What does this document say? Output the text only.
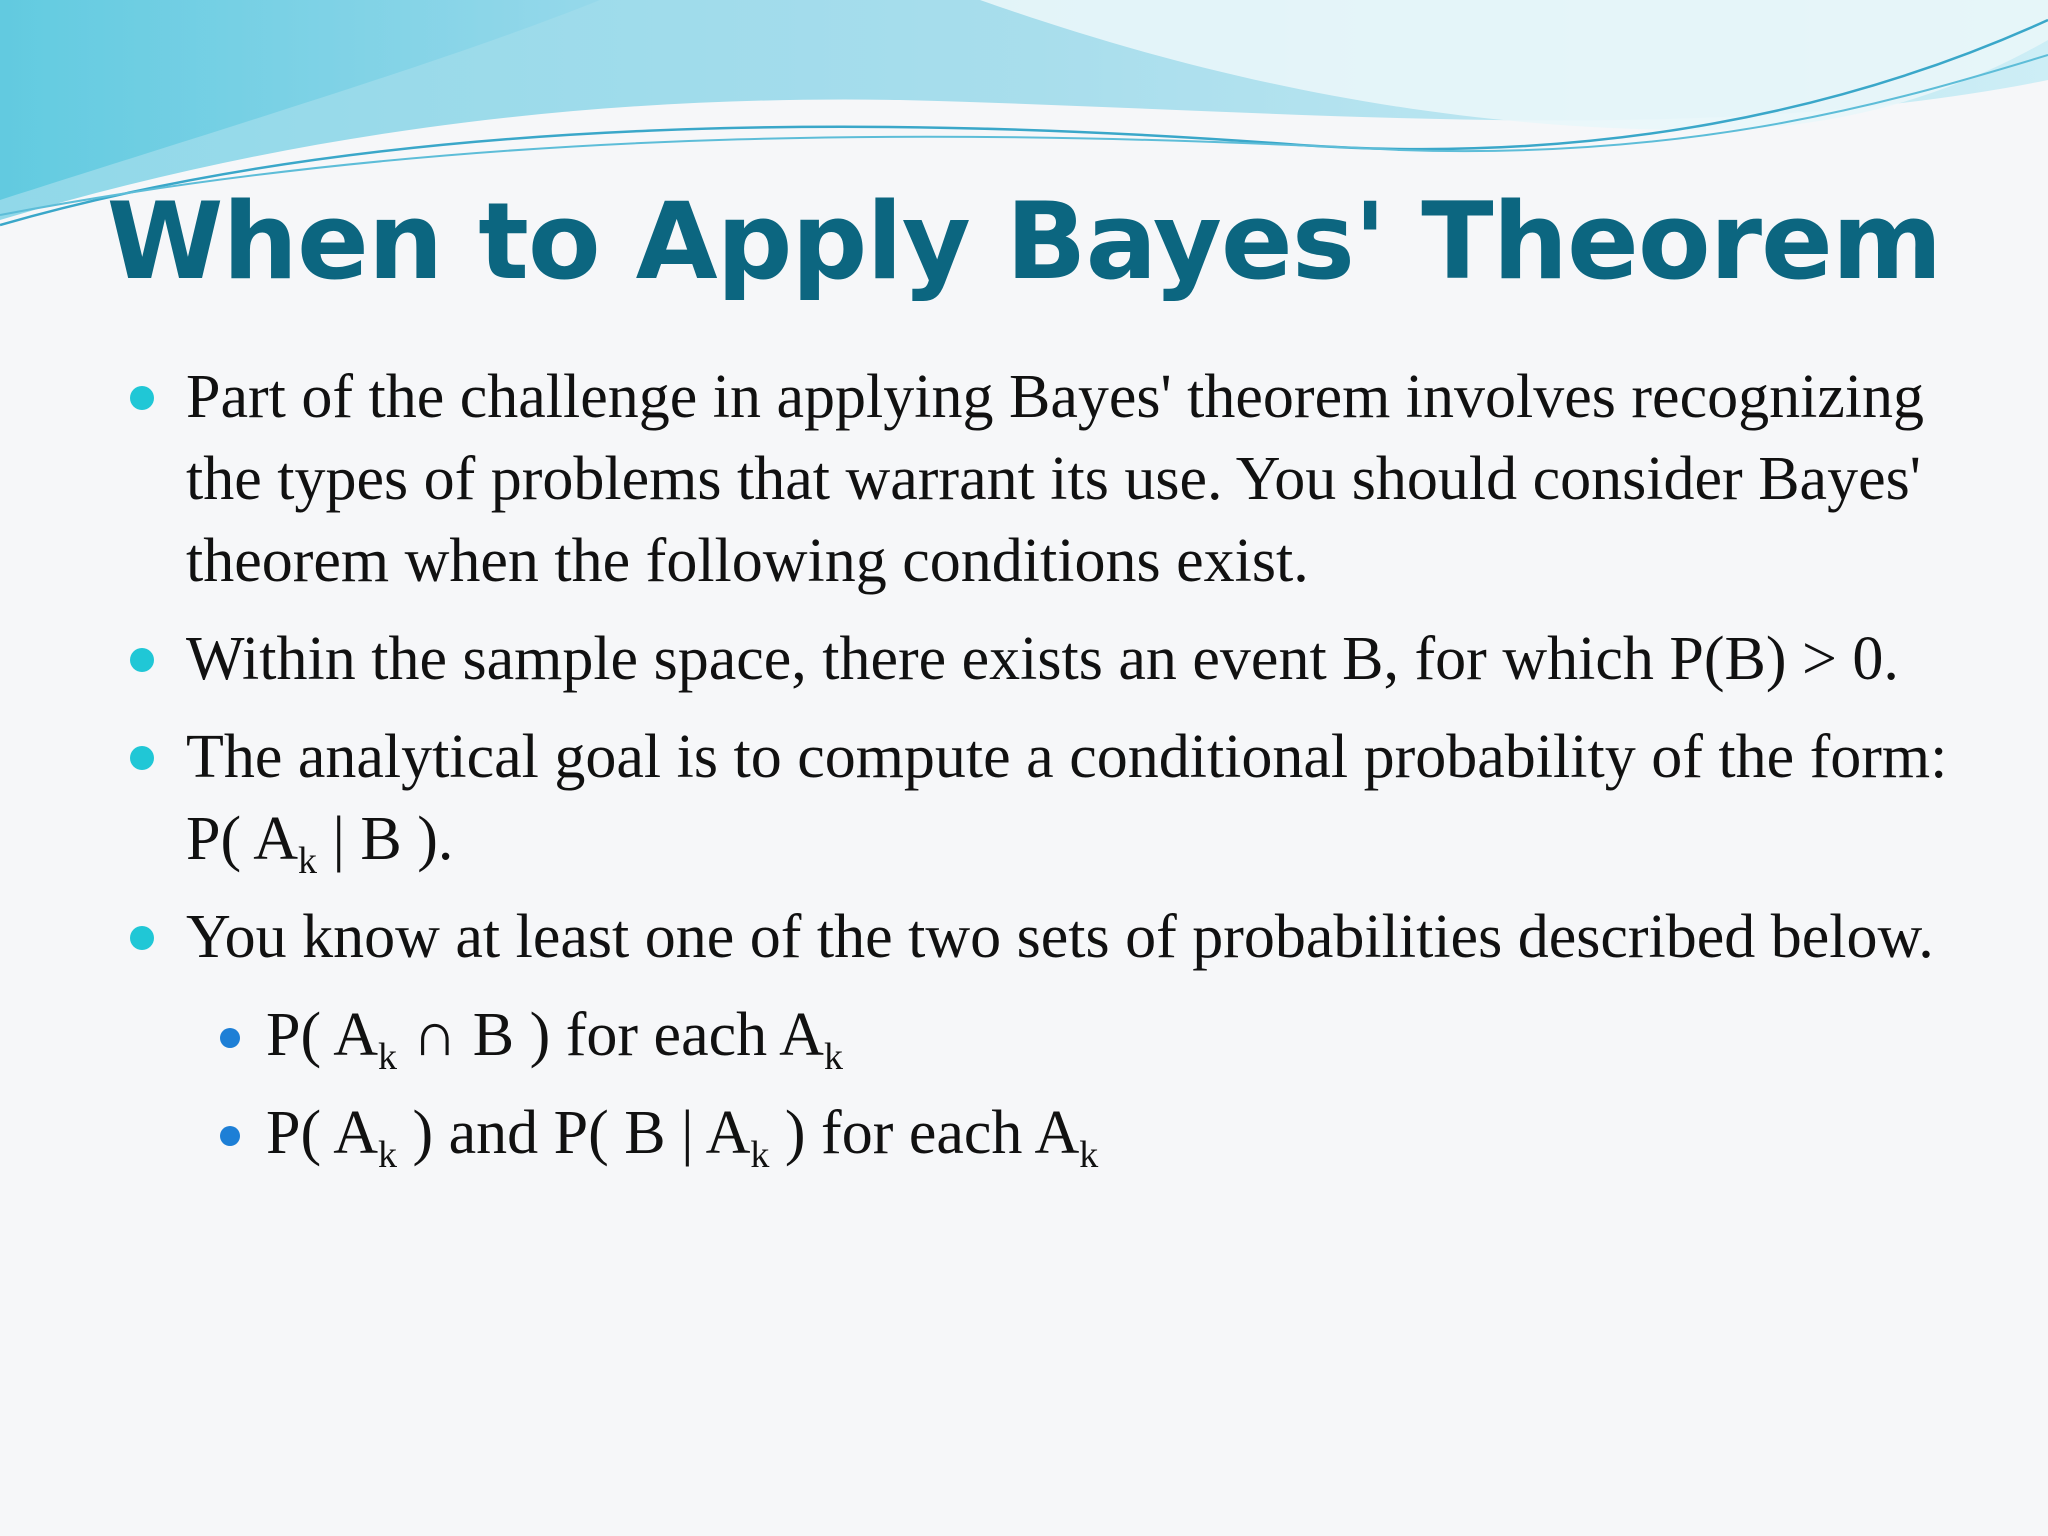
When to Apply Bayes' Theorem
Part of the challenge in applying Bayes' theorem involves recognizing the types of problems that warrant its use. You should consider Bayes' theorem when the following conditions exist.
Within the sample space, there exists an event B, for which P(B) > 0.
The analytical goal is to compute a conditional probability of the form: P( $A_k$ | B ).
You know at least one of the two sets of probabilities described below.
P( $A_k$ ∩ B ) for each $A_k$
P( $A_k$ ) and P( B | $A_k$ ) for each $A_k$
